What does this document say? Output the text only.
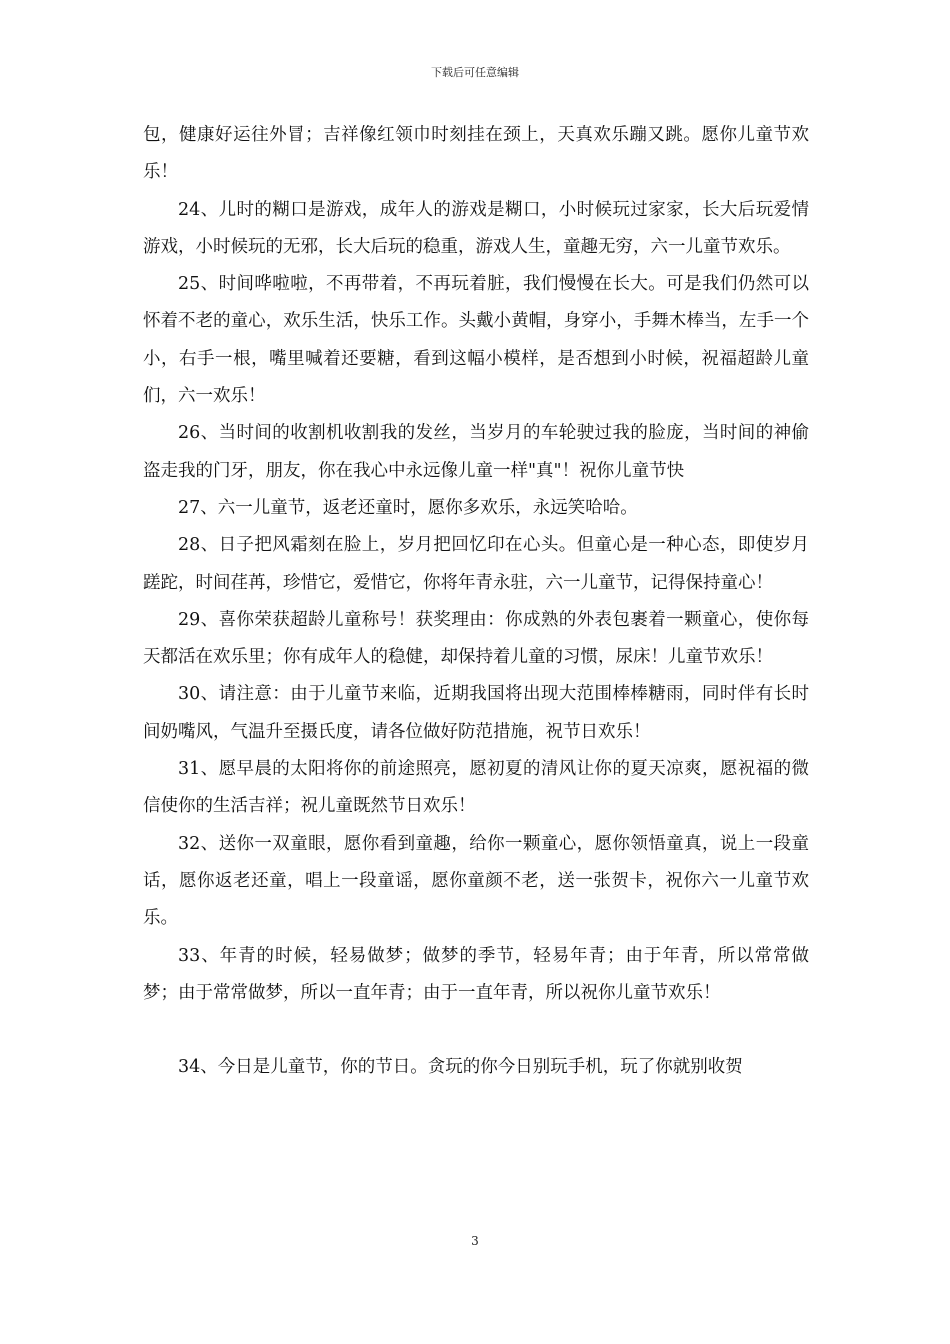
下载后可任意编辑

包，健康好运往外冒；吉祥像红领巾时刻挂在颈上，天真欢乐蹦又跳。愿你儿童节欢乐！

24、儿时的糊口是游戏，成年人的游戏是糊口，小时候玩过家家，长大后玩爱情游戏，小时候玩的无邪，长大后玩的稳重，游戏人生，童趣无穷，六一儿童节欢乐。

25、时间哗啦啦，不再带着，不再玩着脏，我们慢慢在长大。可是我们仍然可以怀着不老的童心，欢乐生活，快乐工作。头戴小黄帽，身穿小，手舞木棒当，左手一个小，右手一根，嘴里喊着还要糖，看到这幅小模样，是否想到小时候，祝福超龄儿童们，六一欢乐！

26、当时间的收割机收割我的发丝，当岁月的车轮驶过我的脸庞，当时间的神偷盗走我的门牙，朋友，你在我心中永远像儿童一样"真"！祝你儿童节快

27、六一儿童节，返老还童时，愿你多欢乐，永远笑哈哈。

28、日子把风霜刻在脸上，岁月把回忆印在心头。但童心是一种心态，即使岁月蹉跎，时间荏苒，珍惜它，爱惜它，你将年青永驻，六一儿童节，记得保持童心！

29、喜你荣获超龄儿童称号！获奖理由：你成熟的外表包裹着一颗童心，使你每天都活在欢乐里；你有成年人的稳健，却保持着儿童的习惯，尿床！儿童节欢乐！

30、请注意：由于儿童节来临，近期我国将出现大范围棒棒糖雨，同时伴有长时间奶嘴风，气温升至摄氏度，请各位做好防范措施，祝节日欢乐！

31、愿早晨的太阳将你的前途照亮，愿初夏的清风让你的夏天凉爽，愿祝福的微信使你的生活吉祥；祝儿童既然节日欢乐！

32、送你一双童眼，愿你看到童趣，给你一颗童心，愿你领悟童真，说上一段童话，愿你返老还童，唱上一段童谣，愿你童颜不老，送一张贺卡，祝你六一儿童节欢乐。

33、年青的时候，轻易做梦；做梦的季节，轻易年青；由于年青，所以常常做梦；由于常常做梦，所以一直年青；由于一直年青，所以祝你儿童节欢乐！

34、今日是儿童节，你的节日。贪玩的你今日别玩手机，玩了你就别收贺

3
